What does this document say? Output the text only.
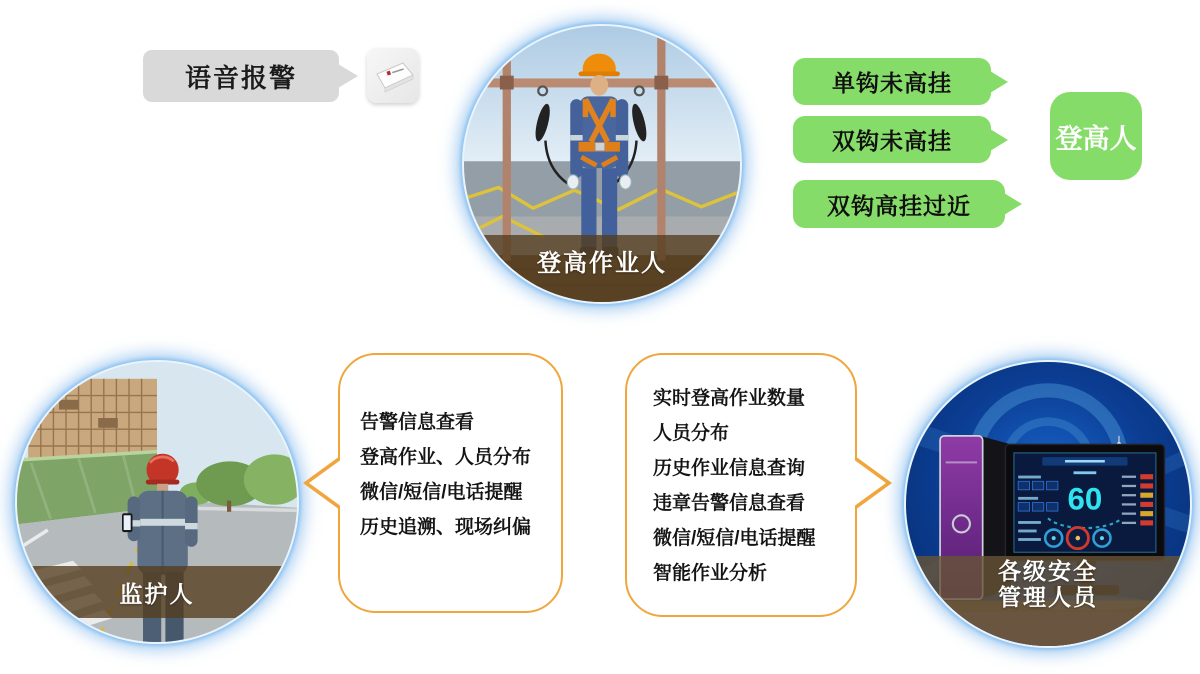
语音报警
登高作业人
单钩未高挂
双钩未高挂
双钩高挂过近
登高人
监护人

告警信息查看

登高作业、人员分布

微信/短信/电话提醒

历史追溯、现场纠偏

实时登高作业数量

人员分布

历史作业信息查询

违章告警信息查看

微信/短信/电话提醒

智能作业分析

60
各级安全
管理人员
